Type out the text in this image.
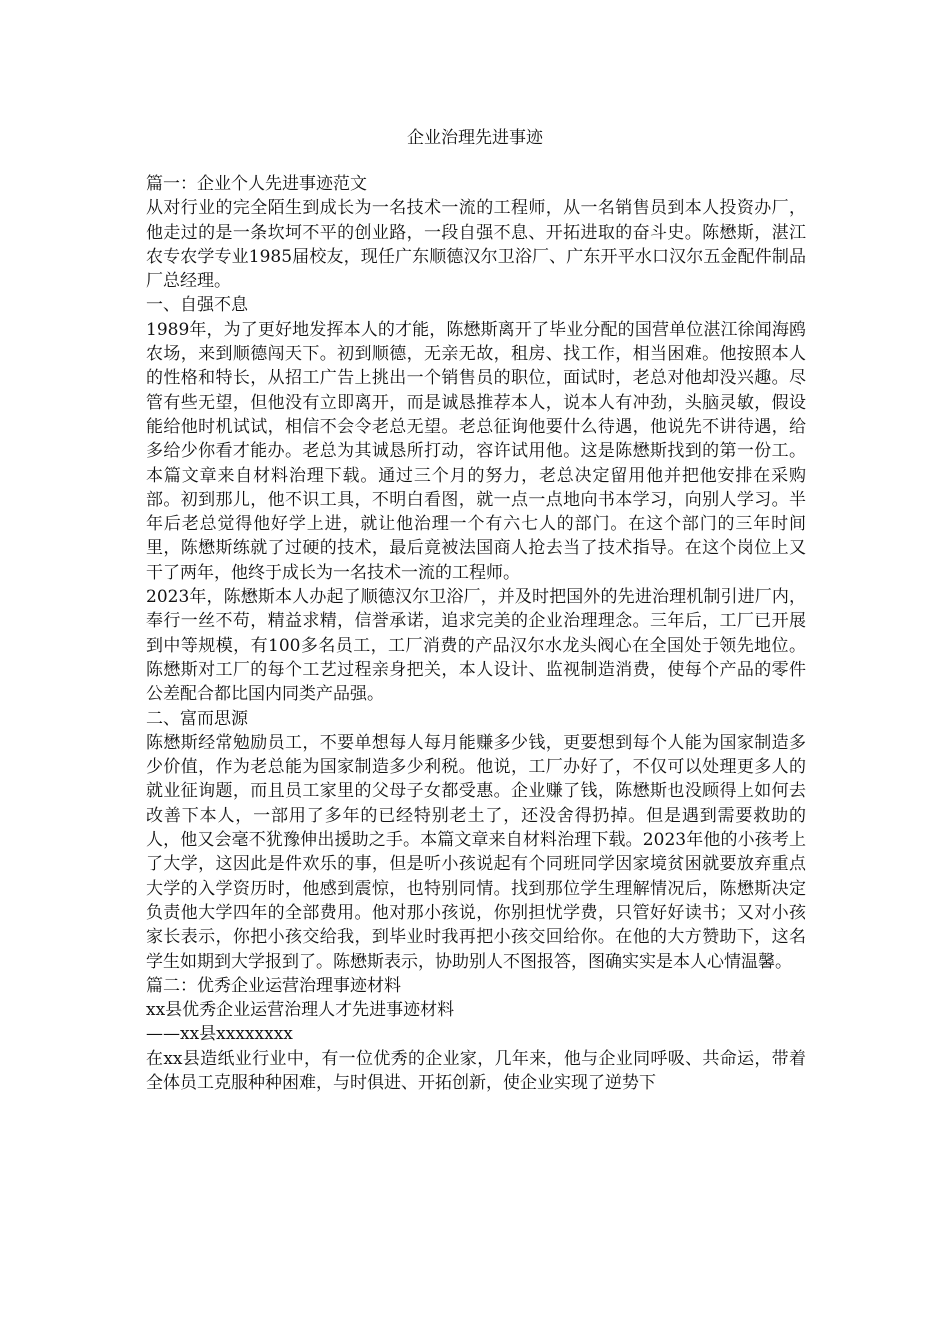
企业治理先进事迹

篇一：企业个人先进事迹范文

从对行业的完全陌生到成长为一名技术一流的工程师，从一名销售员到本人投资办厂，他走过的是一条坎坷不平的创业路，一段自强不息、开拓进取的奋斗史。陈懋斯，湛江农专农学专业1985届校友，现任广东顺德汉尔卫浴厂、广东开平水口汉尔五金配件制品厂总经理。

一、自强不息

1989年，为了更好地发挥本人的才能，陈懋斯离开了毕业分配的国营单位湛江徐闻海鸥农场，来到顺德闯天下。初到顺德，无亲无故，租房、找工作，相当困难。他按照本人的性格和特长，从招工广告上挑出一个销售员的职位，面试时，老总对他却没兴趣。尽管有些无望，但他没有立即离开，而是诚恳推荐本人，说本人有冲劲，头脑灵敏，假设能给他时机试试，相信不会令老总无望。老总征询他要什么待遇，他说先不讲待遇，给多给少你看才能办。老总为其诚恳所打动，容许试用他。这是陈懋斯找到的第一份工。本篇文章来自材料治理下载。通过三个月的努力，老总决定留用他并把他安排在采购部。初到那儿，他不识工具，不明白看图，就一点一点地向书本学习，向别人学习。半年后老总觉得他好学上进，就让他治理一个有六七人的部门。在这个部门的三年时间里，陈懋斯练就了过硬的技术，最后竟被法国商人抢去当了技术指导。在这个岗位上又干了两年，他终于成长为一名技术一流的工程师。

2023年，陈懋斯本人办起了顺德汉尔卫浴厂，并及时把国外的先进治理机制引进厂内，奉行一丝不苟，精益求精，信誉承诺，追求完美的企业治理理念。三年后，工厂已开展到中等规模，有100多名员工，工厂消费的产品汉尔水龙头阀心在全国处于领先地位。陈懋斯对工厂的每个工艺过程亲身把关，本人设计、监视制造消费，使每个产品的零件公差配合都比国内同类产品强。

二、富而思源

陈懋斯经常勉励员工，不要单想每人每月能赚多少钱，更要想到每个人能为国家制造多少价值，作为老总能为国家制造多少利税。他说，工厂办好了，不仅可以处理更多人的就业征询题，而且员工家里的父母子女都受惠。企业赚了钱，陈懋斯也没顾得上如何去改善下本人，一部用了多年的已经特别老土了，还没舍得扔掉。但是遇到需要救助的人，他又会毫不犹豫伸出援助之手。本篇文章来自材料治理下载。2023年他的小孩考上了大学，这因此是件欢乐的事，但是听小孩说起有个同班同学因家境贫困就要放弃重点大学的入学资历时，他感到震惊，也特别同情。找到那位学生理解情况后，陈懋斯决定负责他大学四年的全部费用。他对那小孩说，你别担忧学费，只管好好读书；又对小孩家长表示，你把小孩交给我，到毕业时我再把小孩交回给你。在他的大方赞助下，这名学生如期到大学报到了。陈懋斯表示，协助别人不图报答，图确实实是本人心情温馨。

篇二：优秀企业运营治理事迹材料

xx县优秀企业运营治理人才先进事迹材料

——xx县xxxxxxxx

在xx县造纸业行业中，有一位优秀的企业家，几年来，他与企业同呼吸、共命运，带着全体员工克服种种困难，与时俱进、开拓创新，使企业实现了逆势下
